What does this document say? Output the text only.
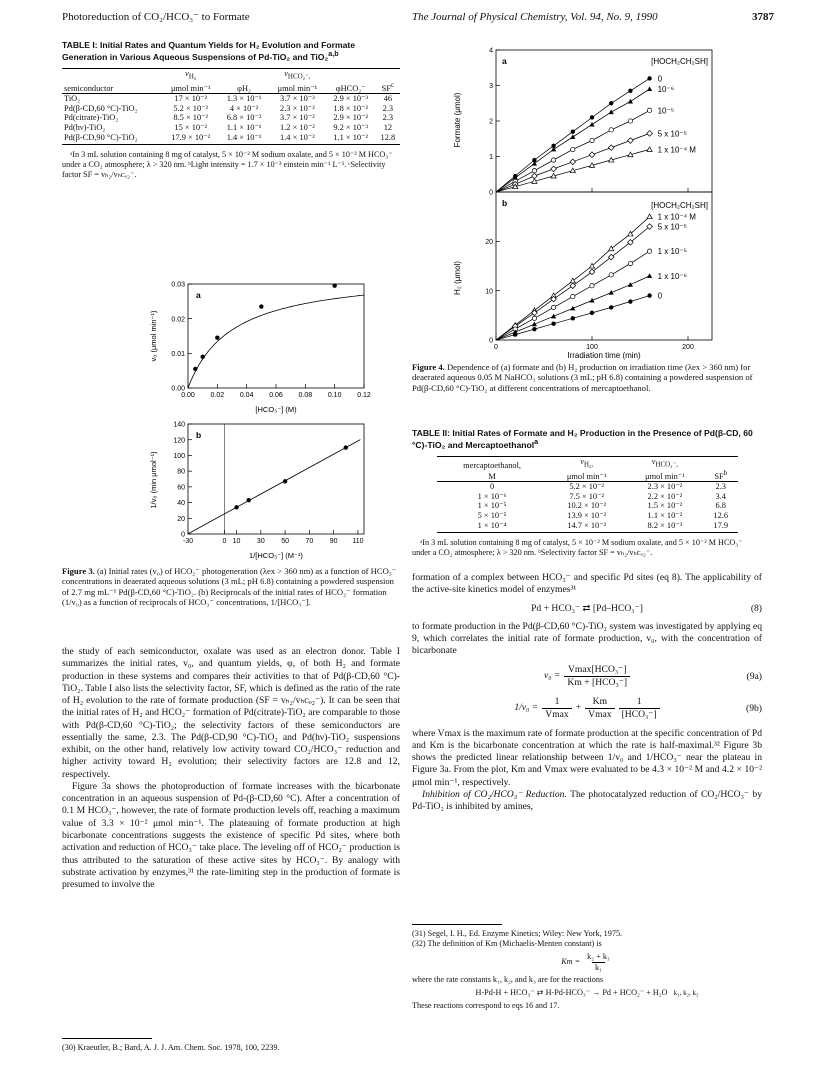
Photoreduction of CO₂/HCO₃⁻ to Formate	The Journal of Physical Chemistry, Vol. 94, No. 9, 1990	3787
TABLE I: Initial Rates and Quantum Yields for H₂ Evolution and Formate Generation in Various Aqueous Suspensions of Pd-TiO₂ and TiO₂$^{a,b}$
	$v_{H_2}$		$v_{HCO_2^-,}$		
semiconductor	μmol min⁻¹	φH₂	μmol min⁻¹	φHCO₂⁻	$SF^c$
TiO₂	17 × 10⁻²	1.3 × 10⁻¹	3.7 × 10⁻³	2.9 × 10⁻³	46
Pd(β-CD,60 °C)-TiO₂	5.2 × 10⁻²	4 × 10⁻²	2.3 × 10⁻²	1.8 × 10⁻²	2.3
Pd(citrate)-TiO₂	8.5 × 10⁻²	6.8 × 10⁻²	3.7 × 10⁻²	2.9 × 10⁻²	2.3
Pd(hν)-TiO₂	15 × 10⁻²	1.1 × 10⁻¹	1.2 × 10⁻²	9.2 × 10⁻³	12
Pd(β-CD,90 °C)-TiO₂	17.9 × 10⁻²	1.4 × 10⁻¹	1.4 × 10⁻²	1.1 × 10⁻²	12.8
ᵃIn 3 mL solution containing 8 mg of catalyst, 5 × 10⁻² M sodium oxalate, and 5 × 10⁻² M HCO₃⁻ under a CO₂ atmosphere; λ > 320 nm. ᵇLight intensity = 1.7 × 10⁻³ einstein min⁻¹ L⁻¹. ᶜSelectivity factor SF = vₕ₂/vₕᴄₒ₂⁻.
a
v₀ (μmol min⁻¹)
[HCO₃⁻] (M)
0.03
0.02
0.01
0.00
0.00 0.02 0.04 0.06 0.08 0.10 0.12
b
1/v₀ (min μmol⁻¹)
1/[HCO₃⁻] (M⁻¹)
140
120
100
80
60
40
20
0
-30	0 10 30 50 70 90 110
Figure 3. (a) Initial rates (v₀) of HCO₂⁻ photogeneration (λex > 360 nm) as a function of HCO₃⁻ concentrations in deaerated aqueous solutions (3 mL; pH 6.8) containing a powdered suspension of 2.7 mg mL⁻¹ Pd(β-CD,60 °C)-TiO₂. (b) Reciprocals of the initial rates of HCO₂⁻ formation (1/v₀) as a function of reciprocals of HCO₃⁻ concentrations, 1/[HCO₃⁻].

the study of each semiconductor, oxalate was used as an electron donor. Table I summarizes the initial rates, v₀, and quantum yields, φ, of both H₂ and formate production in these systems and compares their activities to that of Pd(β-CD,60 °C)-TiO₂. Table I also lists the selectivity factor, SF, which is defined as the ratio of the rate of H₂ evolution to the rate of formate production (SF = vₕ₂/vₕᴄₒ₂⁻). It can be seen that the initial rates of H₂ and HCO₂⁻ formation of Pd(citrate)-TiO₂ are comparable to those with Pd(β-CD,60 °C)-TiO₂; the selectivity factors of these semiconductors are essentially the same, 2.3. The Pd(β-CD,90 °C)-TiO₂ and Pd(hν)-TiO₂ suspensions exhibit, on the other hand, relatively low activity toward CO₂/HCO₃⁻ reduction and higher activity toward H₂ evolution; their selectivity factors are 12.8 and 12, respectively.

Figure 3a shows the photoproduction of formate increases with the bicarbonate concentration in an aqueous suspension of Pd-(β-CD,60 °C). After a concentration of 0.1 M HCO₃⁻, however, the rate of formate production levels off, reaching a maximum value of 3.3 × 10⁻² μmol min⁻¹. The plateauing of formate production at high bicarbonate concentrations suggests the existence of specific Pd sites, where both activation and reduction of HCO₃⁻ take place. The leveling off of HCO₂⁻ production is thus attributed to the saturation of these active sites by HCO₃⁻. By analogy with substrate activation by enzymes,³¹ the rate-limiting step in the production of formate is presumed to involve the

(30) Kraeutler, B.; Bard, A. J. J. Am. Chem. Soc. 1978, 100, 2239.
a	[HOCH₂CH₂SH]
Formate (μmol)
4
3
2
1
0
0
10⁻⁶
10⁻⁵
5 x 10⁻⁵
1 x 10⁻⁴ M
b	[HOCH₂CH₂SH]
H₂ (μmol)
Irradiation time (min)
20
10
0
0	100	200
1 x 10⁻⁴ M
5 x 10⁻⁵
1 x 10⁻⁵
1 x 10⁻⁶
0
Figure 4. Dependence of (a) formate and (b) H₂ production on irradiation time (λex > 360 nm) for deaerated aqueous 0.05 M NaHCO₃ solutions (3 mL; pH 6.8) containing a powdered suspension of Pd(β-CD,60 °C)-TiO₂ at different concentrations of mercaptoethanol.
TABLE II: Initial Rates of Formate and H₂ Production in the Presence of Pd(β-CD, 60 °C)-TiO₂ and Mercaptoethanol$^a$
mercaptoethanol,	$v_{H_2,}$	$v_{HCO_2^-,}$	
M	μmol min⁻¹	μmol min⁻¹	$SF^b$
0	5.2 × 10⁻²	2.3 × 10⁻²	2.3
1 × 10⁻⁶	7.5 × 10⁻²	2.2 × 10⁻²	3.4
1 × 10⁻⁵	10.2 × 10⁻²	1.5 × 10⁻²	6.8
5 × 10⁻⁵	13.9 × 10⁻²	1.1 × 10⁻²	12.6
1 × 10⁻⁴	14.7 × 10⁻²	8.2 × 10⁻³	17.9
ᵃIn 3 mL solution containing 8 mg of catalyst, 5 × 10⁻² M sodium oxalate, and 5 × 10⁻² M HCO₃⁻ under a CO₂ atmosphere; λ > 320 nm. ᵇSelectivity factor SF = vₕ₂/vₕᴄₒ₂⁻.

formation of a complex between HCO₃⁻ and specific Pd sites (eq 8). The applicability of the active-site kinetics model of enzymes³¹

Pd + HCO₃⁻ ⇄ [Pd–HCO₃⁻]	(8)

to formate production in the Pd(β-CD,60 °C)-TiO₂ system was investigated by applying eq 9, which correlates the initial rate of formate production, v₀, with the concentration of bicarbonate

v₀ =
Vmax[HCO₃⁻]
Km + [HCO₃⁻]
(9a)
1/v₀ =
1
Vmax
+
Km
Vmax
1
[HCO₃⁻]
(9b)

where Vmax is the maximum rate of formate production at the specific concentration of Pd and Km is the bicarbonate concentration at which the rate is half-maximal.³² Figure 3b shows the predicted linear relationship between 1/v₀ and 1/HCO₃⁻ near the plateau in Figure 3a. From the plot, Km and Vmax were evaluated to be 4.3 × 10⁻² M and 4.2 × 10⁻² μmol min⁻¹, respectively.

Inhibition of CO₂/HCO₃⁻ Reduction. The photocatalyzed reduction of CO₂/HCO₃⁻ by Pd-TiO₂ is inhibited by amines,

(31) Segel, I. H., Ed. Enzyme Kinetics; Wiley: New York, 1975.
(32) The definition of Km (Michaelis-Menten constant) is
$Km = \frac{\text{k₂ + k₃}}{\text{k₁}}$
where the rate constants k₁, k₂, and k₃ are for the reactions
H-Pd-H + HCO₃⁻ ⇄ H-Pd-HCO₃⁻ → Pd + HCO₂⁻ + H₂O k₁, k₂, k₃
These reactions correspond to eqs 16 and 17.
